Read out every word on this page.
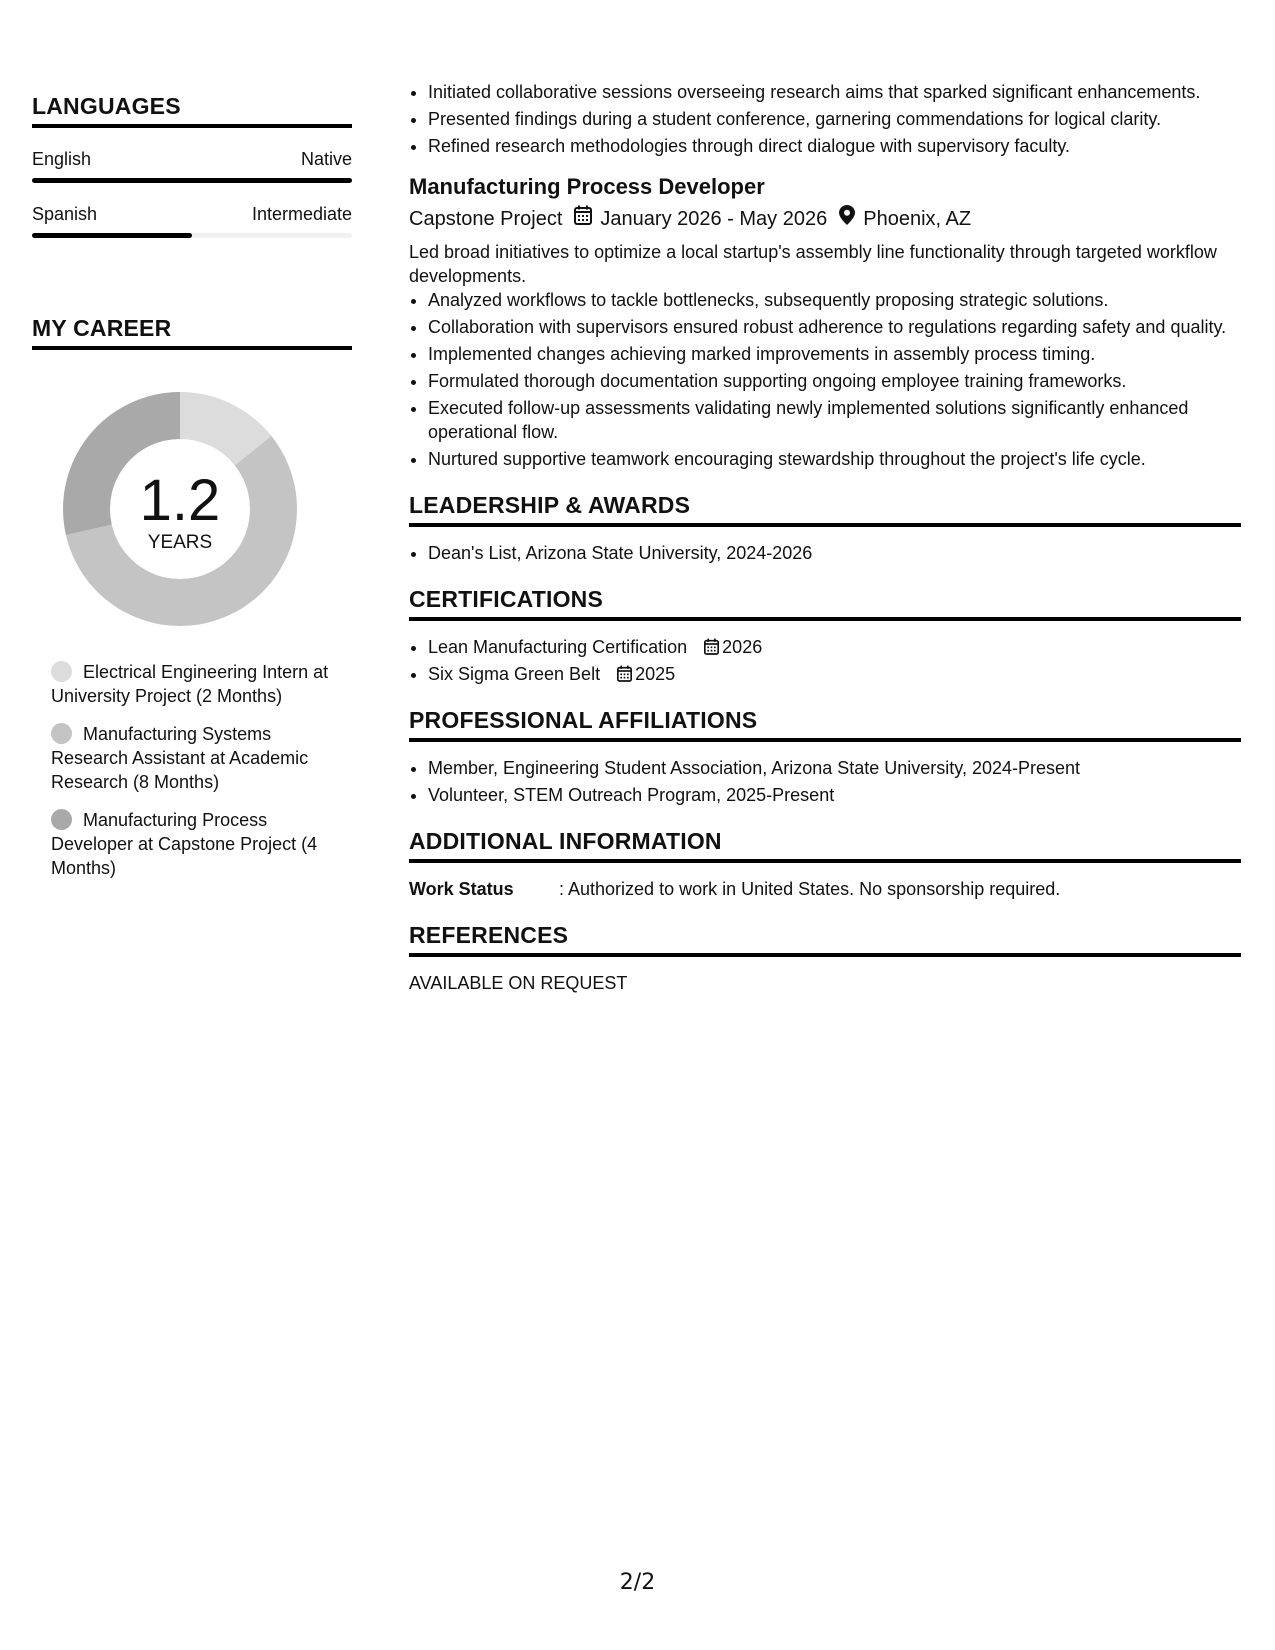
LANGUAGES
English	Native
Spanish	Intermediate
MY CAREER
1.2
YEARS
Electrical Engineering Intern at University Project (2 Months)
Manufacturing Systems Research Assistant at Academic Research (8 Months)
Manufacturing Process Developer at Capstone Project (4 Months)
• Initiated collaborative sessions overseeing research aims that sparked significant enhancements.
• Presented findings during a student conference, garnering commendations for logical clarity.
• Refined research methodologies through direct dialogue with supervisory faculty.
Manufacturing Process Developer
Capstone Project January 2026 - May 2026 Phoenix, AZ
Led broad initiatives to optimize a local startup's assembly line functionality through targeted workflow developments.
• Analyzed workflows to tackle bottlenecks, subsequently proposing strategic solutions.
• Collaboration with supervisors ensured robust adherence to regulations regarding safety and quality.
• Implemented changes achieving marked improvements in assembly process timing.
• Formulated thorough documentation supporting ongoing employee training frameworks.
• Executed follow-up assessments validating newly implemented solutions significantly enhanced operational flow.
• Nurtured supportive teamwork encouraging stewardship throughout the project's life cycle.
LEADERSHIP & AWARDS
• Dean's List, Arizona State University, 2024-2026
CERTIFICATIONS
• Lean Manufacturing Certification 2026
• Six Sigma Green Belt 2025
PROFESSIONAL AFFILIATIONS
• Member, Engineering Student Association, Arizona State University, 2024-Present
• Volunteer, STEM Outreach Program, 2025-Present
ADDITIONAL INFORMATION
Work Status	: Authorized to work in United States. No sponsorship required.
REFERENCES
AVAILABLE ON REQUEST
2/2
